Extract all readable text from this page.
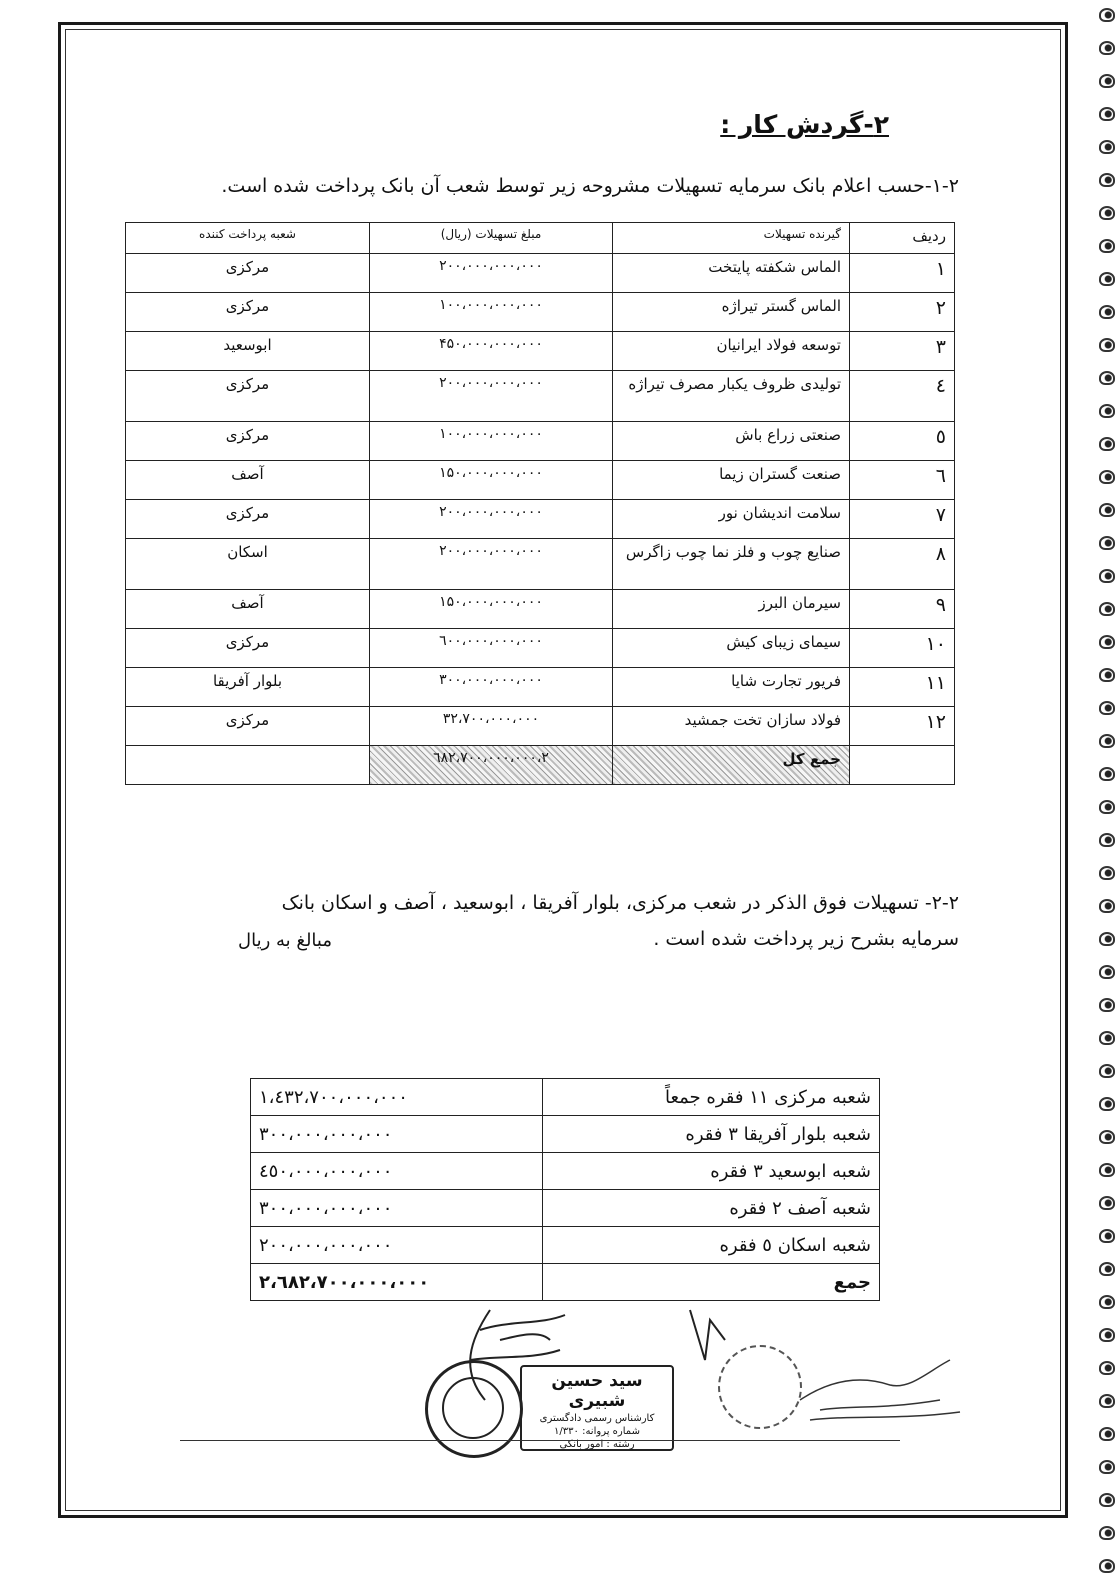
۲-گردش کار :
۱-۲-حسب اعلام بانک سرمایه تسهیلات مشروحه زیر توسط شعب آن بانک پرداخت شده است.
ردیف	گیرنده تسهیلات	مبلغ تسهیلات (ریال)	شعبه پرداخت کننده
۱	الماس شکفته پایتخت	۲۰۰،۰۰۰،۰۰۰،۰۰۰	مرکزی
۲	الماس گستر تیراژه	۱۰۰،۰۰۰،۰۰۰،۰۰۰	مرکزی
۳	توسعه فولاد ایرانیان	۴۵۰،۰۰۰،۰۰۰،۰۰۰	ابوسعید
٤	تولیدی ظروف یکبار مصرف تیراژه	۲۰۰،۰۰۰،۰۰۰،۰۰۰	مرکزی
٥	صنعتی زراع باش	۱۰۰،۰۰۰،۰۰۰،۰۰۰	مرکزی
٦	صنعت گستران زیما	۱۵۰،۰۰۰،۰۰۰،۰۰۰	آصف
۷	سلامت اندیشان نور	۲۰۰،۰۰۰،۰۰۰،۰۰۰	مرکزی
۸	صنایع چوب و فلز نما چوب زاگرس	۲۰۰،۰۰۰،۰۰۰،۰۰۰	اسکان
۹	سیرمان البرز	۱۵۰،۰۰۰،۰۰۰،۰۰۰	آصف
۱۰	سیمای زیبای کیش	٦۰۰،۰۰۰،۰۰۰،۰۰۰	مرکزی
۱۱	فریور تجارت شایا	۳۰۰،۰۰۰،۰۰۰،۰۰۰	بلوار آفریقا
۱۲	فولاد سازان تخت جمشید	۳۲،۷۰۰،۰۰۰،۰۰۰	مرکزی
	جمع کل	۲،٦۸۲،۷۰۰،۰۰۰،۰۰۰	
۲-۲- تسهیلات فوق الذکر در شعب مرکزی، بلوار آفریقا ، ابوسعید ، آصف و اسکان بانک سرمایه بشرح زیر پرداخت شده است .
مبالغ به ریال
شعبه مرکزی ۱۱ فقره جمعاً	۱،٤۳۲،۷۰۰،۰۰۰،۰۰۰
شعبه بلوار آفریقا ۳ فقره	۳۰۰،۰۰۰،۰۰۰،۰۰۰
شعبه ابوسعید ۳ فقره	٤٥۰،۰۰۰،۰۰۰،۰۰۰
شعبه آصف ۲ فقره	۳۰۰،۰۰۰،۰۰۰،۰۰۰
شعبه اسکان ٥ فقره	۲۰۰،۰۰۰،۰۰۰،۰۰۰
جمع	۲،٦۸۲،۷۰۰،۰۰۰،۰۰۰
سید حسین شبیری
کارشناس رسمی دادگستری
شماره پروانه: ۱/۳۳۰
رشته : امور بانکی
